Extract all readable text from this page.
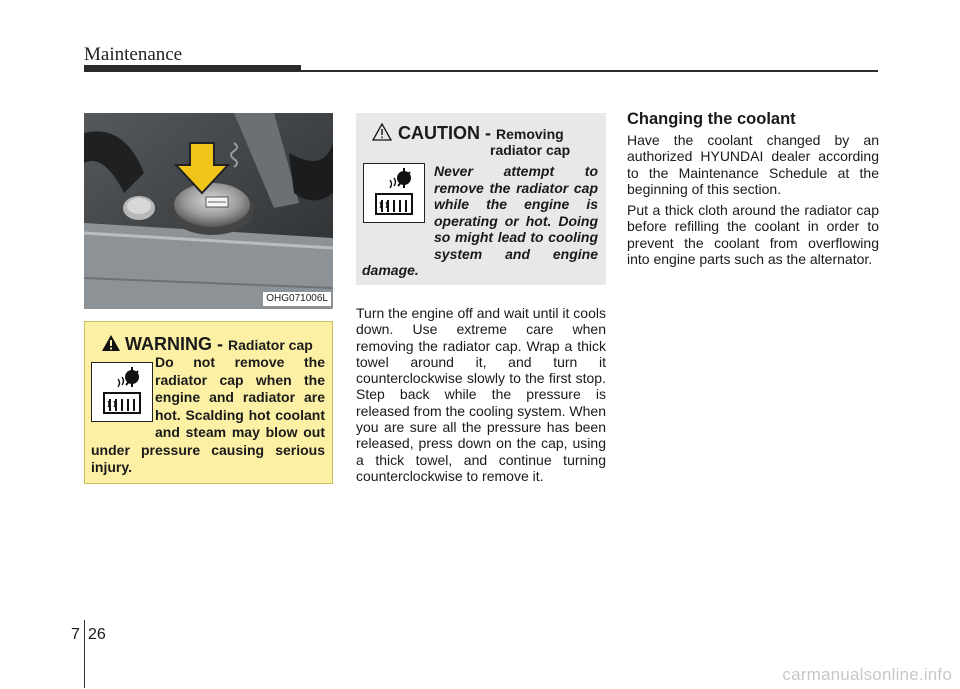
Maintenance
OHG071006L
WARNING - Radiator cap
Do not remove the radiator cap when the engine and radiator are hot. Scalding hot coolant and steam may blow out under pressure causing serious injury.
CAUTION - Removing
radiator cap
Never attempt to remove the radiator cap while the engine is operating or hot. Doing so might lead to cooling system and engine damage.
Turn the engine off and wait until it cools down. Use extreme care when removing the radiator cap. Wrap a thick towel around it, and turn it counterclockwise slowly to the first stop. Step back while the pressure is released from the cooling system. When you are sure all the pressure has been released, press down on the cap, using a thick towel, and continue turning counterclockwise to remove it.
Changing the coolant
Have the coolant changed by an authorized HYUNDAI dealer according to the Maintenance Schedule at the beginning of this section.
Put a thick cloth around the radiator cap before refilling the coolant in order to prevent the coolant from overflowing into engine parts such as the alternator.
7 26
carmanualsonline.info
